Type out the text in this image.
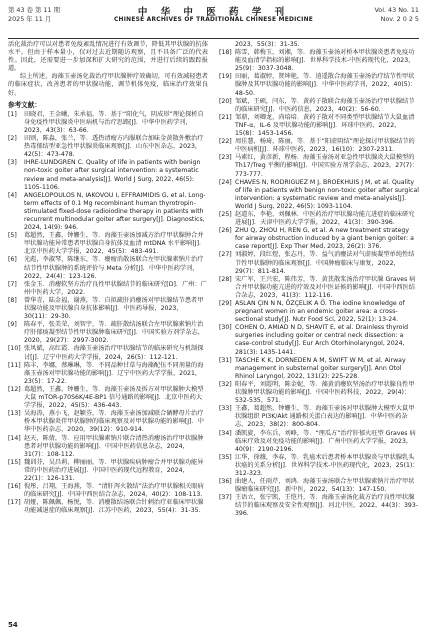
第 43 卷 第 11 期
2025 年 11 月
中 华 中 医 药 学 刊
CHINESE ARCHIVES OF TRADITIONAL CHINESE MEDICINE
Vol. 43 No. 11
Nov. 2 0 2 5

活化裁治疗可以对患者免疫紊乱情况进行有效调节，降低其甲状腺的抗体水平。但由于样本量小，仅对过去近期随访观察，且不具备广泛的代表性。因此，还需要进一步加深和扩大研究的范围，并进行后续的跟踪报道。

综上所述，海藻玉壶汤化裁治疗甲状腺肿疗效确切，可有效减轻患者的临床症状，改善患者的甲状腺功能，调节机体免疫，临床治疗效果良好。

参考文献：

[1]	田晓君，王金曦，朱承福，等．基于“阳化气，阴成形”理论探析自身免疫性甲状腺炎中医病机与治疗思路[J]．中华中医药学刊，2023，43(3)：63-66.
[2]	田则，陈淼，张兰，等．透热清瘤方内服联合加味金黄散外敷治疗热毒郁结型亚急性甲状腺炎临床观察[J]．山东中医杂志，2023，42(5)：473-478.
[3]	IHRE-LUNDGREN C. Quality of life in patients with benign non-toxic goiter after surgical intervention: a systematic review and meta-analysis[J]. World J Surg, 2022, 46(5): 1105-1106.
[4]	ANGELOPOULOS N, IAKOVOU I, EFFRAIMIDIS G, et al. Long-term effects of 0.1 Mg recombinant human thyrotropin-stimulated fixed-dose radioiodine therapy in patients with recurrent multinodular goiter after surgery[J]. Diagnostics, 2024, 14(9): 946.
[5]	葛超然，王鑫，钟姗生，等．海藻玉壶汤加减方治疗甲状腺肿合并甲状腺功能异常患者甲状腺自身抗体及血清 mtDNA 水平影响[J]．北京中医药大学学报，2022，45(5)：483-491.
[6]	光彪，李淑琴，陈继东，等．瘿瘤消散汤联合左甲状腺素钠片治疗结节性甲状腺肿的系统评价与 Meta 分析[J]．中华中医药学刊，2022，24(4)：123-126.
[7]	张金玉．消瘿软坚方治疗良性甲状腺结节的临床研究[D]．广州：广州中医药大学，2022.
[8]	曾华青，陆金福，谢燕，等．自拟疏肝消瘿汤对甲状腺结节患者甲状腺功能及甲状腺自身抗体影响[J]．中医药导报，2023，30(11)：29-30.
[9]	陈春平，张美荣，刘智宇，等．疏肝散结汤联合左甲状腺素钠片治疗肝郁痰凝型结节性甲状腺肿临床研究[J]．中国实验方剂学杂志，2020，29(27)：2997-3002.
[10] 张凤斌，高红霞．海藻玉壶汤治疗甲状腺结节的临床研究与机制探讨[J]．辽宁中医药大学学报，2024，26(5)：112-121.
[11] 陈丰，李娜，蔡琳琳，等．不同品种甘草与海藻配伍不同剂量的海藻玉壶汤对甲状腺功能的影响[J]．辽宁中医药大学学报，2021，23(5)：17-22.
[12] 葛超然，王鑫，钟姗生，等．海藻玉壶汤及拆方对甲状腺肿大模型大鼠 mTOR-p70S6K/4E-BP1 信号通路的影响[J]．北京中医药大学学报，2022，45(5)：436-443.
[13] 吴海涛，燕小飞，赵颖芬，等．海藻玉壶汤加减联合硒酵母片治疗桥本甲状腺炎伴甲状腺肿的临床观察及对甲状腺功能的影响[J]．中华中医药杂志，2020，39(12)：910-914.
[14] 赵天，陈倩，等．应用甲状腺素钠片联合清热消瘿汤治疗甲状腺肿患者对甲状腺功能的影响[J]．中国中医药信息杂志，2024，31(7)：108-112.
[15] 魏训芬，吴昌莉，柳丽丽，等．甲状腺疾病肿瘤合并甲状腺功能异常的中医药治疗进展[J]．中国中医药现代远程教育，2024，22(1)：126-131.
[16] 倪彤，吕翔，王海燕，等．“清肝泻火散结”法治疗甲状腺相关眼病的临床研究[J]．中国中西医结合杂志，2024，40(2)：108-113.
[17] 胡娅，陈佩佩，杨悦，等．消瘿散结汤联合针刺治疗亚临床甲状腺功能减退症的临床观察[J]．江苏中医药，2023，55(4)：31-35.
2023，55(3)：31-35.
[18] 陈雪，韩梅玉，刘湘，等．海藻玉壶汤对桥本甲状腺炎患者免疫功能及血清学指标的影响[J]．世界科学技术-中医药现代化，2023，25(9)：3037-3048.
[19] 田丽，葛淑婷，贤坤艳，等．逍遥散合海藻玉壶汤治疗结节性甲状腺肿及其甲状腺功能的影响[J]．中华中医药学刊，2022，40(5)：48-50.
[20] 邹斌，王硕，闫东，等．黄药子散联合海藻玉壶汤治疗甲状腺结节的临床研究[J]．中医药信息，2023，40(2)：56-60.
[21] 邹鼎，刘卿龙，尚培培．黄药子散对不同类型甲状腺结节大鼠血清 TNF-α、IL-6 及甲状腺功能的影响[J]．环球中医药，2022，15(8)：1453-1456.
[22] 周佳慧，杨琦，陈丽，等．基于“阳虚阴结”理论探讨甲状腺结节的中医病机[J]．环球中医药，2023，16(10)：2307-2311.
[23] 马素红，黄彦新，程杨．海藻玉壶汤对亚急性甲状腺炎大鼠模型的 Th17/Treg 平衡的影响[J]．中国实验方剂学杂志，2023，27(7)：773-777.
[24] CHAVES N, RODRIGUEZ M J, BROEKHUIS J M, et al. Quality of life in patients with benign non-toxic goiter after surgical intervention: a systematic review and meta-analysis[J]. World J Surg, 2022, 46(5): 1093-1104.
[25] 赵道东，李艳，刘佩林．中医药治疗甲状腺功能亢进症的临床研究进展[J]．天津中医药大学学报，2022，41(3)：390-396.
[26] ZHU Q, ZHOU H, REN G, et al. A new treatment strategy for airway obstruction induced by a giant benign goiter: a case report[J]. Exp Ther Med, 2023, 26(2): 376.
[27] 刘淑婷，段红煜，张志丹，等．益气消瘿法对气虚痰凝型单纯性结节性甲状腺肿的临床观察[J]．中国肿瘤临床与康复，2022，29(7)：811-814.
[28] 宋广军，王兴宏，陈伟芳，等．黄芪散浆汤治疗甲状腺 Graves 病合并甲状腺功能亢进的疗效及对中医证候的影响[J]．中国中西医结合杂志，2023，41(3)：112-116.
[29] ASLAN ÇIN N N, ÖZÇELIK A Ö. The iodine knowledge of pregnant women in an endemic goiter area: a cross-sectional study[J]. Nutr Food Sci, 2022, 52(1): 13-24.
[30] COHEN O, AMIAD N D, SHAVIT E, et al. Drainless thyroid surgeries including goiter or central neck dissection: a case-control study[J]. Eur Arch Otorhinolaryngol, 2024, 281(3): 1435-1441.
[31] TASCHE K K, DORNEDEN A M, SWIFT W M, et al. Airway management in substernal goiter surgery[J]. Ann Otol Rhinol Laryngol, 2022, 131(2): 225-228.
[32] 阳春平，刘霞明，陈金妮，等．藻黄消瘿软坚汤治疗甲状腺良性甲状腺肿甲状腺功能的影响[J]．中国中医药科技，2022，29(4)：532-535，571.
[33] 王鑫，葛超然，钟姗生，等．海藻玉壶汤对甲状腺肿大模型大鼠甲状腺组织 PI3K/Akt 通路相关蛋白表达的影响[J]．中华中医药杂志，2023，38(2)：800-804.
[34] 潘凯旋，李东兵，刘峰，等．“理瓜方”治疗肝郁火旺型 Graves 病临床疗效及对免疫功能的影响[J]．广州中医药大学学报，2023，40(9)：2190-2196.
[35] 江华，徐薇，李春，等．乳癌术后患者桥本甲状腺炎与甲状腺乳头状癌的关系分析[J]．世界科学技术-中医药现代化，2023，25(1)：312-323.
[36] 曲建人，任雨芹，刘鸿．海藻玉壶汤联合左甲状腺素钠片治疗甲状腺瘤临床研究[J]．新中医，2022，54(13)：147-150.
[37] 王语立，张宁凯，王恺丹，等．海藻玉壶汤化裁方治疗良性甲状腺结节的临床观察及安全性观察[J]．河北中医，2022，44(3)：393-396.
54
